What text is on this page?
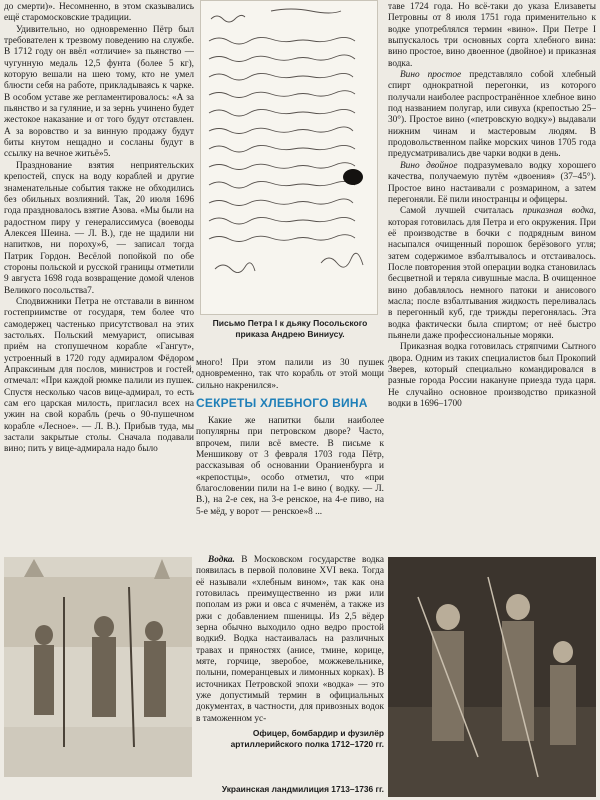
до смерти)». Несомненно, в этом сказывались ещё старомосковские традиции.

Удивительно, но одновременно Пётр был требователен к трезвому поведению на службе. В 1712 году он ввёл «отличие» за пьянство — чугунную медаль 12,5 фунта (более 5 кг), которую вешали на шею тому, кто не умел блюсти себя на работе, прикладываясь к чарке. В особом уставе же регламентировалось: «А за пьянство и за гуляние, и за зернь учинено будет жестокое наказание и от того будут отставлен. А за воровство и за винную продажу будут биты кнутом нещадно и сосланы будут в ссылку на вечное житьё»5.

Празднование взятия неприятельских крепостей, спуск на воду кораблей и другие знаменательные события также не обходились без обильных возлияний. Так, 20 июля 1696 года праздновалось взятие Азова. «Мы были на радостном пиру у генералиссимуса (воеводы Алексея Шеина. — Л. В.), где не щадили ни напитков, ни пороху»6, — записал тогда Патрик Гордон. Весёлой попойкой по обе стороны польской и русской границы отметили 9 августа 1698 года возвращение домой членов Великого посольства7.

Сподвижники Петра не отставали в винном гостеприимстве от государя, тем более что самодержец частенько присутствовал на этих застольях. Польский мемуарист, описывая приём на стопушечном корабле «Гангут», устроенный в 1720 году адмиралом Фёдором Апраксиным для послов, министров и гостей, отмечал: «При каждой рюмке палили из пушек. Спустя несколько часов вице-адмирал, то есть сам его царская милость, пригласил всех на ужин на свой корабль (речь о 90-пушечном корабле «Лесное». — Л. В.). Прибыв туда, мы застали закрытые столы. Сначала подавали вино; пить у вице-адмирала надо было

Письмо Петра I к дьяку Посольского приказа Андрею Виниусу.

много! При этом палили из 30 пушек одновременно, так что корабль от этой мощи сильно накренился».

СЕКРЕТЫ ХЛЕБНОГО ВИНА

Какие же напитки были наиболее популярны при петровском дворе? Часто, впрочем, пили всё вместе. В письме к Меншикову от 3 февраля 1703 года Пётр, рассказывая об основании Ораниенбурга и «крепостцы», особо отметил, что «при благословении пили на 1-е вино ( водку. — Л. В.), на 2-е сек, на 3-е ренское, на 4-е пиво, на 5-е мёд, у ворот — ренское»8 ...

Водка. В Московском государстве водка появилась в первой половине XVI века. Тогда её называли «хлебным вином», так как она готовилась преимущественно из ржи или пополам из ржи и овса с ячменём, а также из ржи с добавлением пшеницы. Из 2,5 вёдер зерна обычно выходило одно ведро простой водки9. Водка настаивалась на различных травах и пряностях (анисе, тмине, корице, мяте, горчице, зверобое, можжевельнике, полыни, померанцевых и лимонных корках). В источниках Петровской эпохи «водка» — это уже допустимый термин в официальных документах, в частности, для привозных водок в таможенном ус-

таве 1724 года. Но всё-таки до указа Елизаветы Петровны от 8 июля 1751 года применительно к водке употреблялся термин «вино». При Петре I выпускалось три основных сорта хлебного вина: вино простое, вино двоенное (двойное) и приказная водка.

Вино простое представляло собой хлебный спирт однократной перегонки, из которого получали наиболее распространённое хлебное вино под названием полугар, или сивуха (крепостью 25–30°). Простое вино («петровскую водку») выдавали нижним чинам и мастеровым людям. В продовольственном пайке морских чинов 1705 года предусматривались две чарки водки в день.

Вино двойное подразумевало водку хорошего качества, получаемую путём «двоения» (37–45°). Простое вино настаивали с розмарином, а затем перегоняли. Её пили иностранцы и офицеры.

Самой лучшей считалась приказная водка, которая готовилась для Петра и его окружения. При её производстве в бочки с подрядным вином насыпался очищенный порошок берёзового угля; затем содержимое взбалтывалось и отстаивалось. После повторения этой операции водка становилась бесцветной и теряла сивушные масла. В очищенное вино добавлялось немного патоки и анисового масла; после взбалтывания жидкость переливалась в перегонный куб, где трижды перегонялась. Эта водка фактически была спиртом; от неё быстро пьянели даже профессиональные моряки.

Приказная водка готовилась стряпчими Сытного двора. Одним из таких специалистов был Прокопий Зверев, который специально командировался в разные города России накануне приезда туда царя. Не случайно основное производство приказной водки в 1696–1700

Офицер, бомбардир и фузилёр артиллерийского полка 1712–1720 гг.
Украинская ландмилиция 1713–1736 гг.
